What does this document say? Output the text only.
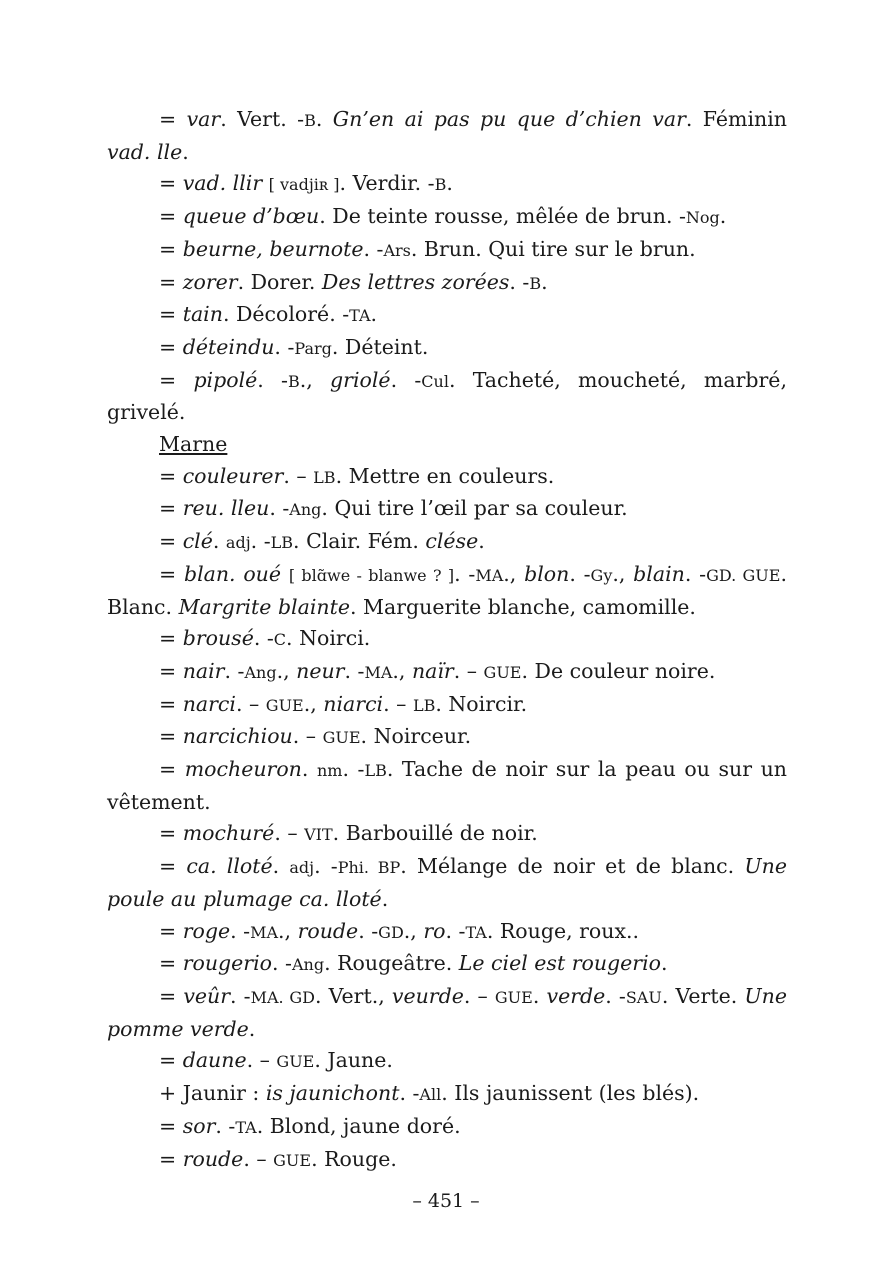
= var. Vert. -B. Gn’en ai pas pu que d’chien var. Féminin vad. lle.

= vad. llir [ vadjiʀ ]. Verdir. -B.

= queue d’bœu. De teinte rousse, mêlée de brun. -Nog.

= beurne, beurnote. -Ars. Brun. Qui tire sur le brun.

= zorer. Dorer. Des lettres zorées. -B.

= tain. Décoloré. -TA.

= déteindu. -Parg. Déteint.

= pipolé. -B., griolé. -Cul. Tacheté, moucheté, marbré, grivelé.

Marne

= couleurer. – LB. Mettre en couleurs.

= reu. lleu. -Ang. Qui tire l’œil par sa couleur.

= clé. adj. -LB. Clair. Fém. clése.

= blan. oué [ blɑ̃we - blanwe ? ]. -MA., blon. -Gy., blain. -GD. GUE. Blanc. Margrite blainte. Marguerite blanche, camomille.

= brousé. -C. Noirci.

= nair. -Ang., neur. -MA., naïr. – GUE. De couleur noire.

= narci. – GUE., niarci. – LB. Noircir.

= narcichiou. – GUE. Noirceur.

= mocheuron. nm. -LB. Tache de noir sur la peau ou sur un vêtement.

= mochuré. – VIT. Barbouillé de noir.

= ca. lloté. adj. -Phi. BP. Mélange de noir et de blanc. Une poule au plumage ca. lloté.

= roge. -MA., roude. -GD., ro. -TA. Rouge, roux..

= rougerio. -Ang. Rougeâtre. Le ciel est rougerio.

= veûr. -MA. GD. Vert., veurde. – GUE. verde. -SAU. Verte. Une pomme verde.

= daune. – GUE. Jaune.

+ Jaunir : is jaunichont. -All. Ils jaunissent (les blés).

= sor. -TA. Blond, jaune doré.

= roude. – GUE. Rouge.

– 451 –
